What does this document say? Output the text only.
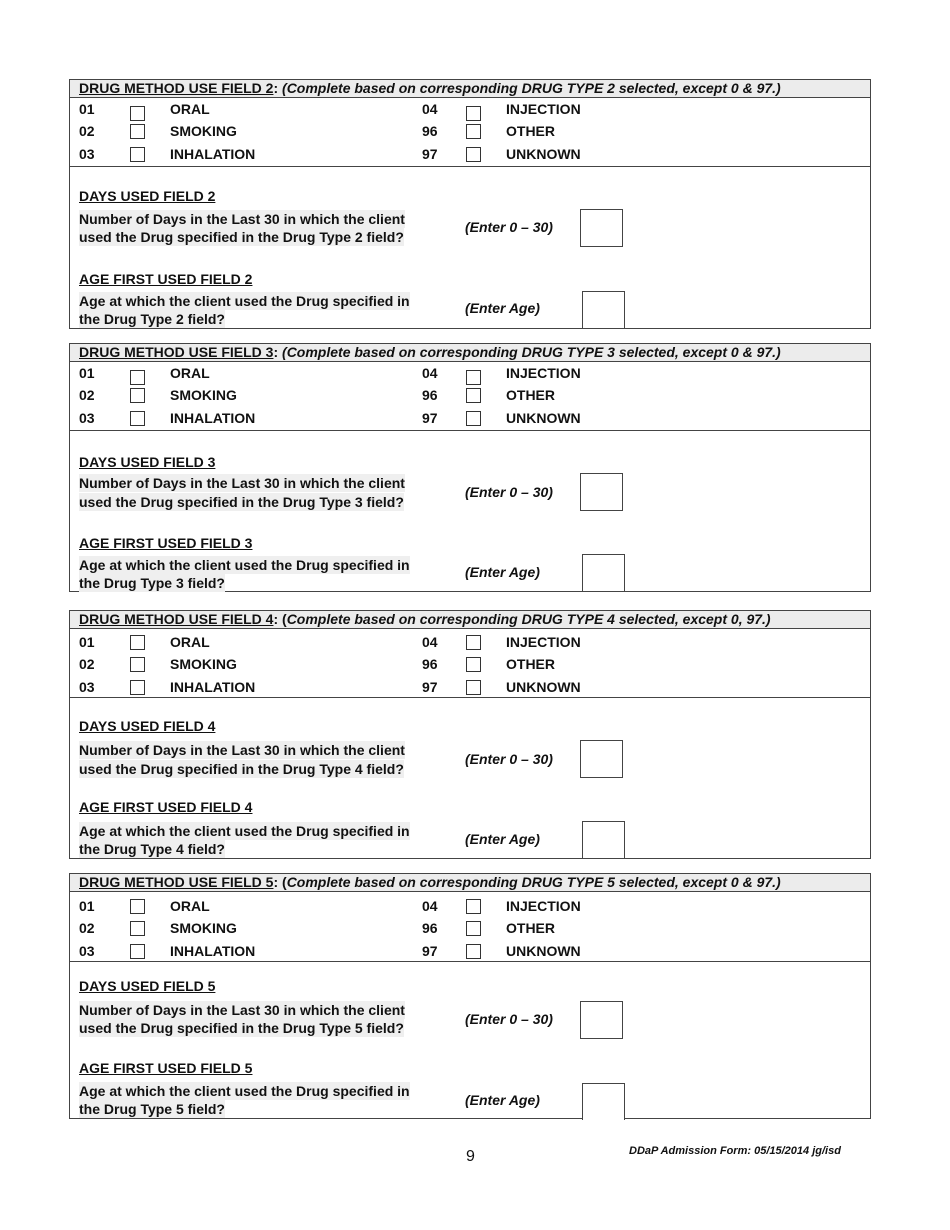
DRUG METHOD USE FIELD 2: (Complete based on corresponding DRUG TYPE 2 selected, except 0 & 97.)
01	ORAL	04	INJECTION
02	SMOKING	96	OTHER
03	INHALATION	97	UNKNOWN
DAYS USED FIELD 2
Number of Days in the Last 30 in which the client
used the Drug specified in the Drug Type 2 field?
(Enter 0 – 30)
AGE FIRST USED FIELD 2
Age at which the client used the Drug specified in
the Drug Type 2 field?
(Enter Age)
DRUG METHOD USE FIELD 3: (Complete based on corresponding DRUG TYPE 3 selected, except 0 & 97.)
01	ORAL	04	INJECTION
02	SMOKING	96	OTHER
03	INHALATION	97	UNKNOWN
DAYS USED FIELD 3
Number of Days in the Last 30 in which the client
used the Drug specified in the Drug Type 3 field?
(Enter 0 – 30)
AGE FIRST USED FIELD 3
Age at which the client used the Drug specified in
the Drug Type 3 field?
(Enter Age)
DRUG METHOD USE FIELD 4: (Complete based on corresponding DRUG TYPE 4 selected, except 0, 97.)
01	ORAL	04	INJECTION
02	SMOKING	96	OTHER
03	INHALATION	97	UNKNOWN
DAYS USED FIELD 4
Number of Days in the Last 30 in which the client
used the Drug specified in the Drug Type 4 field?
(Enter 0 – 30)
AGE FIRST USED FIELD 4
Age at which the client used the Drug specified in
the Drug Type 4 field?
(Enter Age)
DRUG METHOD USE FIELD 5: (Complete based on corresponding DRUG TYPE 5 selected, except 0 & 97.)
01	ORAL	04	INJECTION
02	SMOKING	96	OTHER
03	INHALATION	97	UNKNOWN
DAYS USED FIELD 5
Number of Days in the Last 30 in which the client
used the Drug specified in the Drug Type 5 field?
(Enter 0 – 30)
AGE FIRST USED FIELD 5
Age at which the client used the Drug specified in
the Drug Type 5 field?
(Enter Age)
9	DDaP Admission Form: 05/15/2014 jg/isd
